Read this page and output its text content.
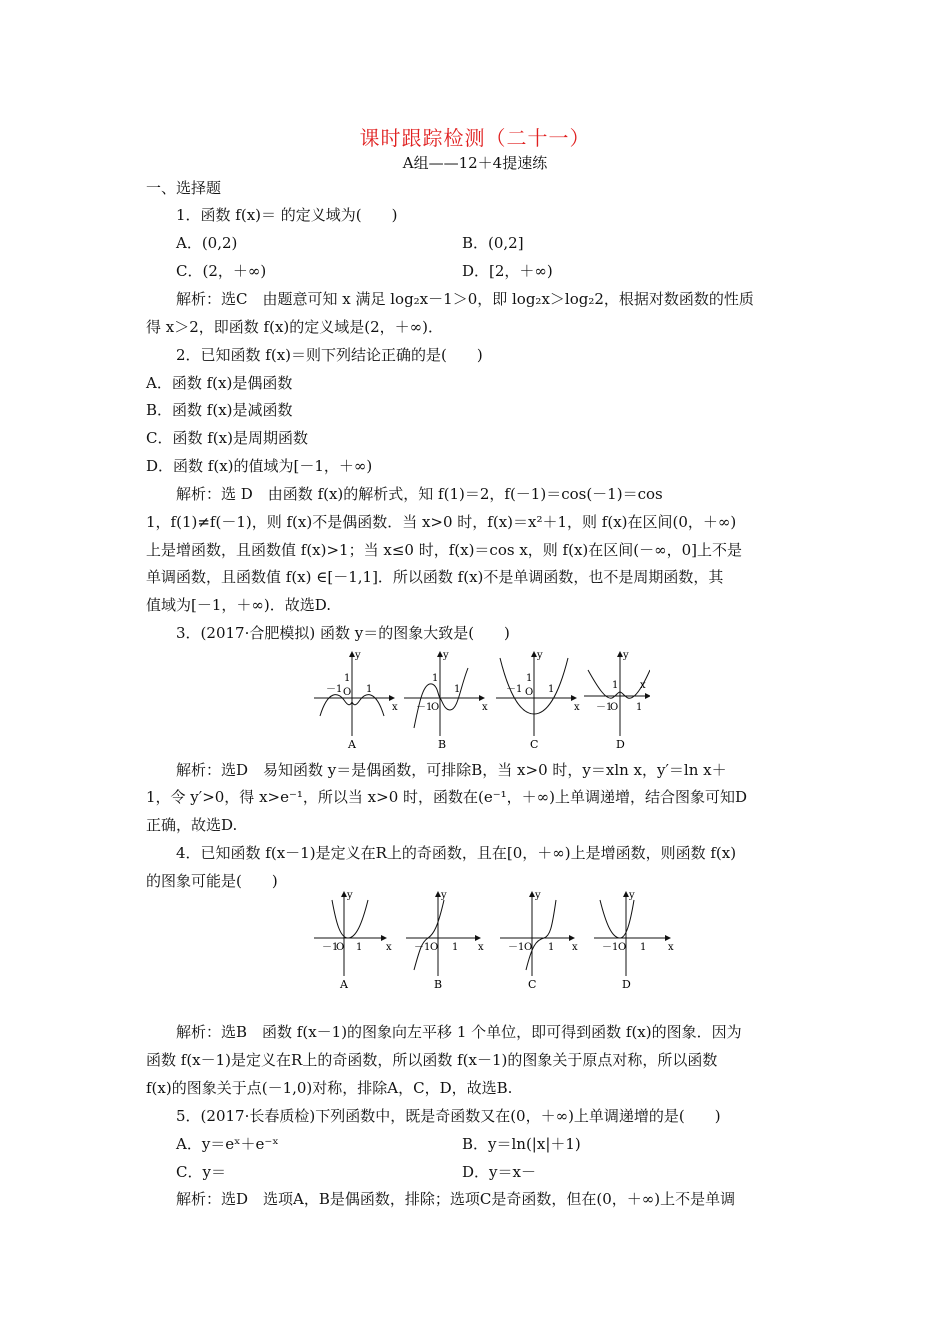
课时跟踪检测（二十一）
A组——12＋4提速练
一、选择题
1．函数 f(x)＝ 的定义域为(　　)
A．(0,2)	B．(0,2]
C．(2，＋∞)	D．[2，＋∞)
解析：选C　由题意可知 x 满足 log₂x－1＞0，即 log₂x＞log₂2，根据对数函数的性质
得 x＞2，即函数 f(x)的定义域是(2，＋∞)．
2．已知函数 f(x)＝则下列结论正确的是(　　)
A．函数 f(x)是偶函数
B．函数 f(x)是减函数
C．函数 f(x)是周期函数
D．函数 f(x)的值域为[－1，＋∞)
解析：选 D　由函数 f(x)的解析式，知 f(1)＝2，f(－1)＝cos(－1)＝cos
1，f(1)≠f(－1)，则 f(x)不是偶函数．当 x>0 时，f(x)＝x²＋1，则 f(x)在区间(0，＋∞)
上是增函数，且函数值 f(x)>1；当 x≤0 时，f(x)＝cos x，则 f(x)在区间(－∞，0]上不是
单调函数，且函数值 f(x) ∈[－1,1]．所以函数 f(x)不是单调函数，也不是周期函数，其
值域为[－1，＋∞)．故选D.
3．(2017·合肥模拟) 函数 y＝的图象大致是(　　)
y
x
O
－1 1
1
A
y
x
O
－1
1
1
B
y
x
O
－1	1
1
C
y
O
－1 1
1 x
D
解析：选D　易知函数 y＝是偶函数，可排除B，当 x>0 时，y＝xln x，y′＝ln x＋
1，令 y′>0，得 x>e⁻¹，所以当 x>0 时，函数在(e⁻¹，＋∞)上单调递增，结合图象可知D
正确，故选D.
4．已知函数 f(x－1)是定义在R上的奇函数，且在[0，＋∞)上是增函数，则函数 f(x)
的图象可能是(　　)
y
x
O
－1 1
A
y
x
O
－1 1
B
y
x
O
－1 1
C
y
x
O
－1 1
D
解析：选B　函数 f(x－1)的图象向左平移 1 个单位，即可得到函数 f(x)的图象．因为
函数 f(x－1)是定义在R上的奇函数，所以函数 f(x－1)的图象关于原点对称，所以函数
f(x)的图象关于点(－1,0)对称，排除A，C，D，故选B.
5．(2017·长春质检)下列函数中，既是奇函数又在(0，＋∞)上单调递增的是(　　)
A．y＝eˣ＋e⁻ˣ	B．y＝ln(|x|＋1)
C．y＝	D．y＝x－
解析：选D　选项A，B是偶函数，排除；选项C是奇函数，但在(0，＋∞)上不是单调
